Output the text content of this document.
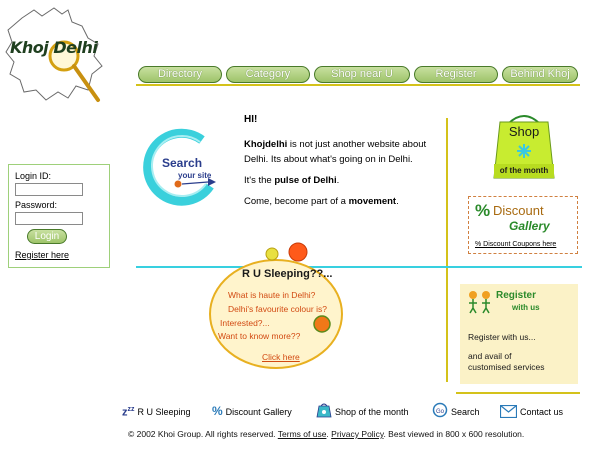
Khoj Delhi
Directory	Category	Shop near U	Register	Behind Khoj
Search
your site
HI!

Khojdelhi is not just another website about Delhi. Its about what's going on in Delhi.

It's the pulse of Delhi.

Come, become part of a movement.

Shop
of the month
% Discount
Gallery
% Discount Coupons here
Login ID:
Password:
Login
Register here
R U Sleeping??...
What is haute in Delhi?
Delhi's favourite colour is?
Interested?...
Want to know more??
Click here
Register
with us
Register with us...
and avail of
customised services
$z^{zz}$ R U Sleeping % Discount Gallery	Shop of the month	Go Search	Contact us
© 2002 Khoi Group. All rights reserved. Terms of use. Privacy Policy. Best viewed in 800 x 600 resolution.
